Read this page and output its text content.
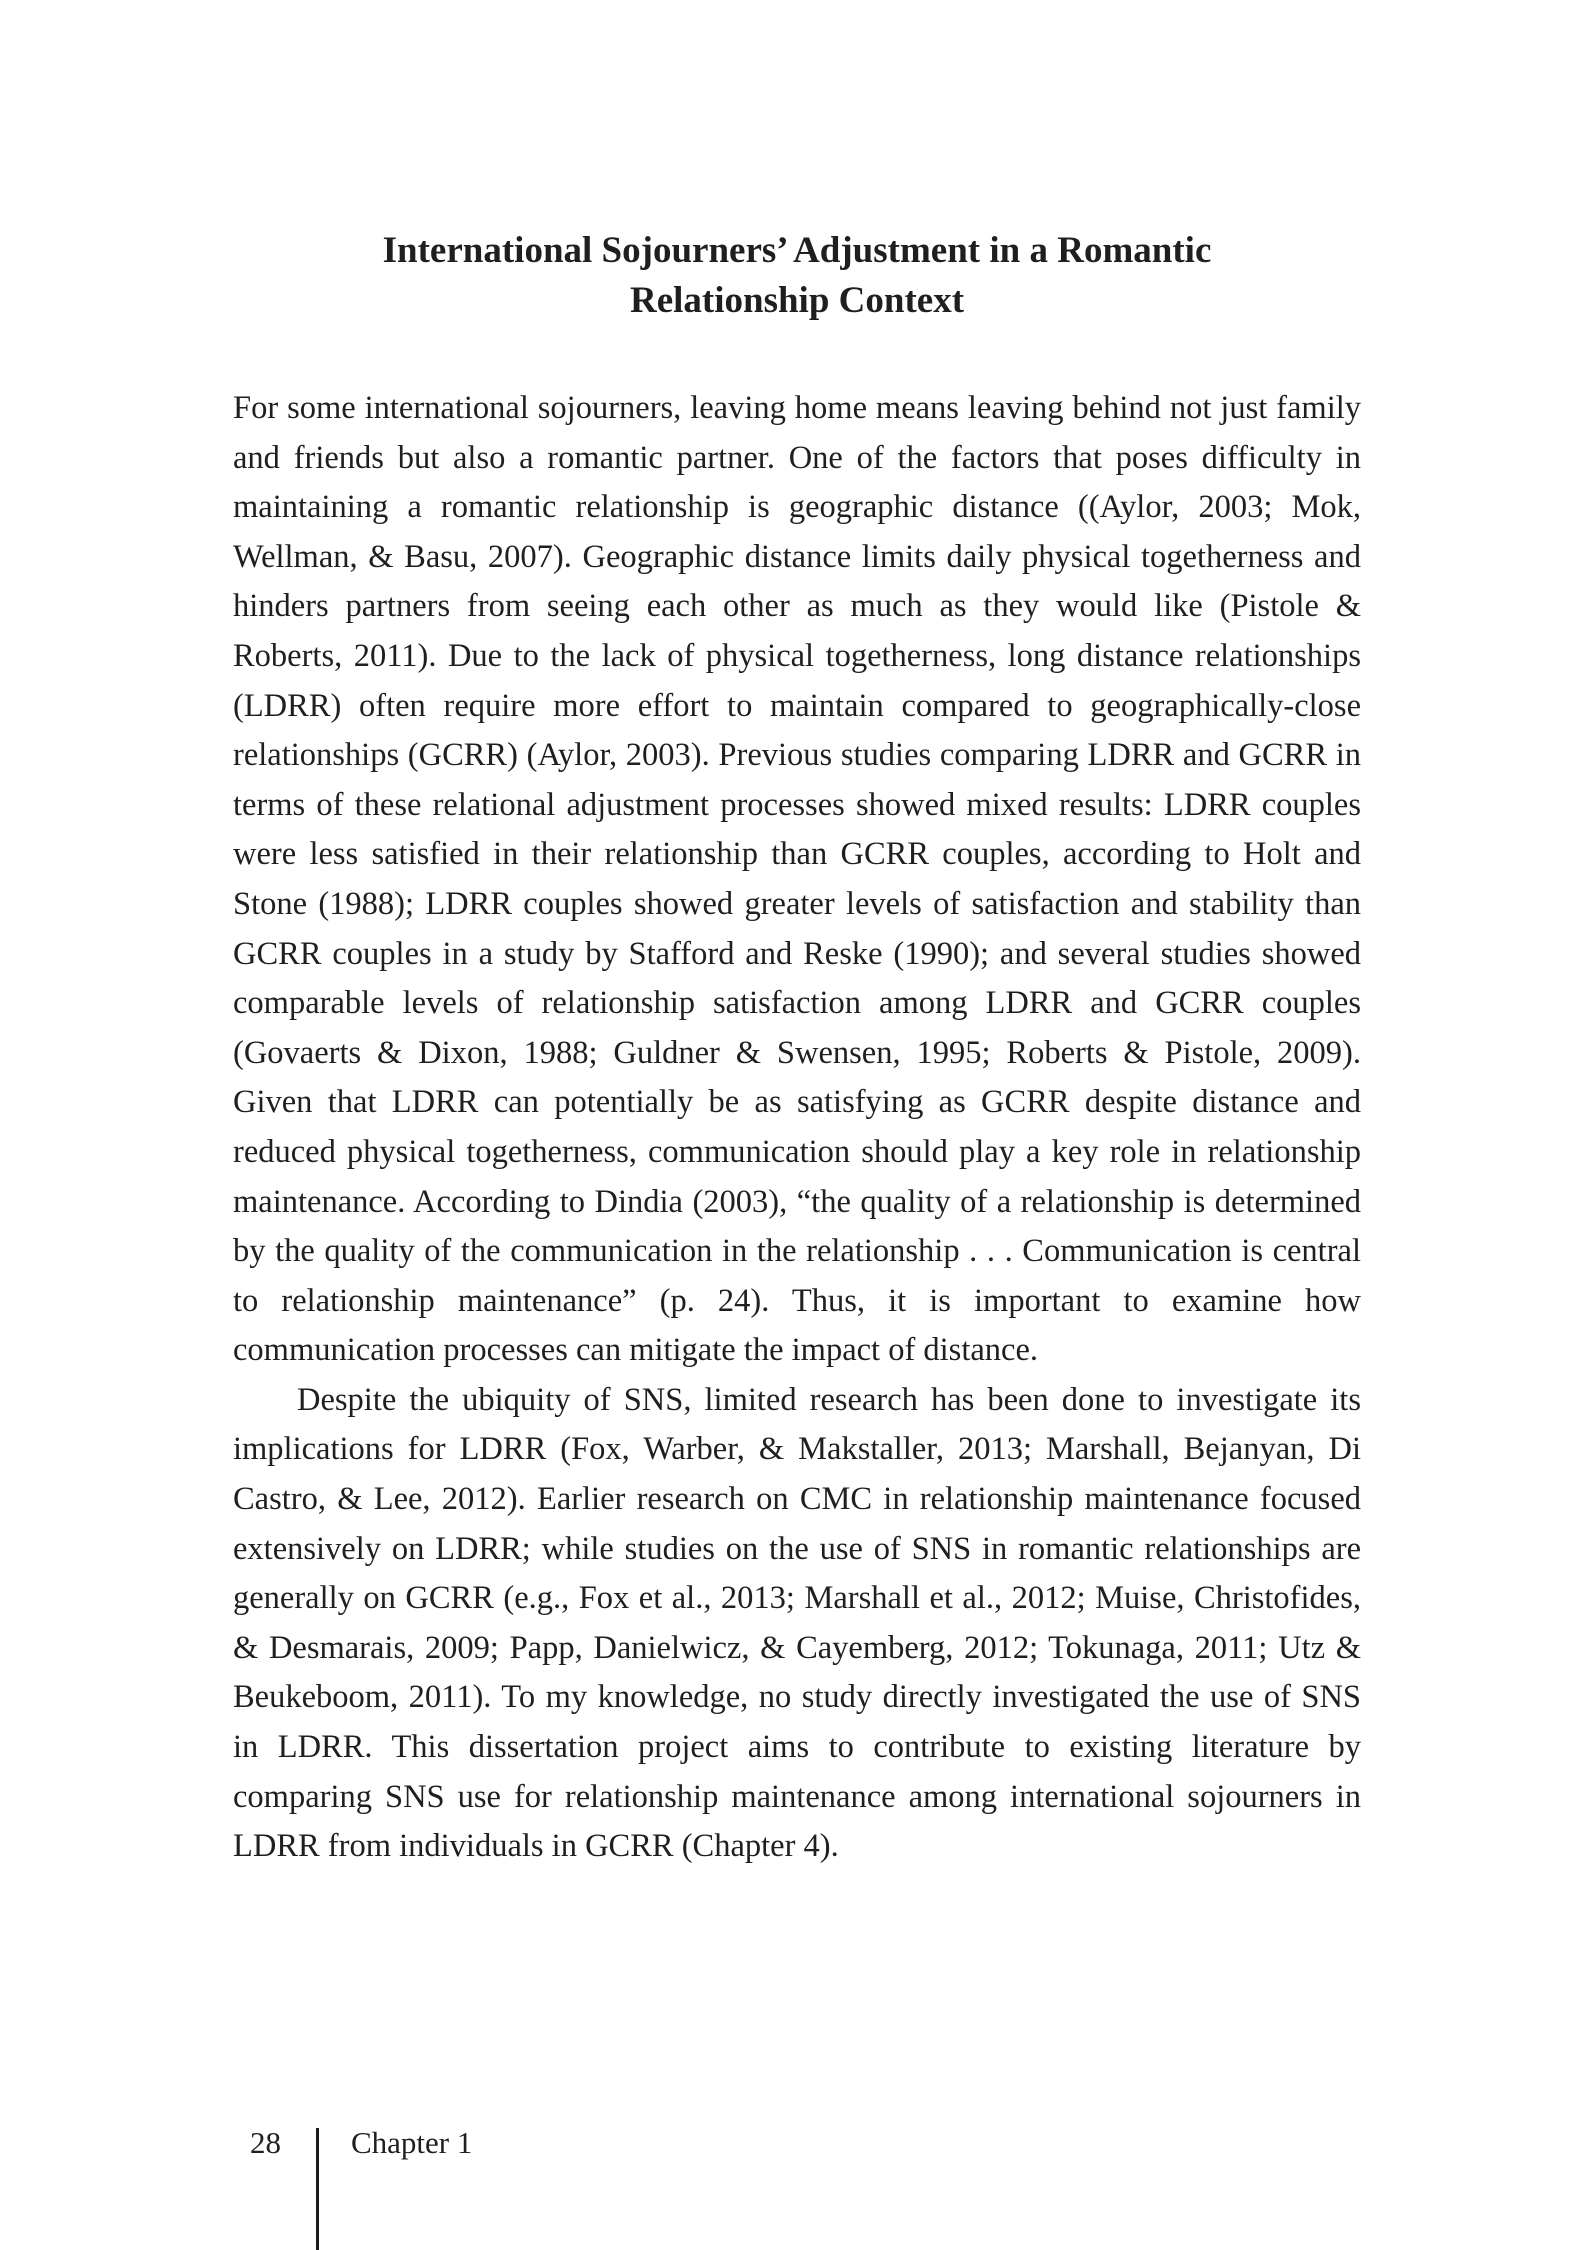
International Sojourners’ Adjustment in a Romantic
Relationship Context

For some international sojourners, leaving home means leaving behind not just family and friends but also a romantic partner. One of the factors that poses difficulty in maintaining a romantic relationship is geographic distance ((Aylor, 2003; Mok, Wellman, & Basu, 2007). Geographic distance limits daily physical togetherness and hinders partners from seeing each other as much as they would like (Pistole & Roberts, 2011). Due to the lack of physical togetherness, long distance relationships (LDRR) often require more effort to maintain compared to geographically-close relationships (GCRR) (Aylor, 2003). Previous studies comparing LDRR and GCRR in terms of these relational adjustment processes showed mixed results: LDRR couples were less satisfied in their relationship than GCRR couples, according to Holt and Stone (1988); LDRR couples showed greater levels of satisfaction and stability than GCRR couples in a study by Stafford and Reske (1990); and several studies showed comparable levels of relationship satisfaction among LDRR and GCRR couples (Govaerts & Dixon, 1988; Guldner & Swensen, 1995; Roberts & Pistole, 2009). Given that LDRR can potentially be as satisfying as GCRR despite distance and reduced physical togetherness, communication should play a key role in relationship maintenance. According to Dindia (2003), “the quality of a relationship is determined by the quality of the communication in the relationship . . . Communication is central to relationship maintenance” (p. 24). Thus, it is important to examine how communication processes can mitigate the impact of distance.

Despite the ubiquity of SNS, limited research has been done to investigate its implications for LDRR (Fox, Warber, & Makstaller, 2013; Marshall, Bejanyan, Di Castro, & Lee, 2012). Earlier research on CMC in relationship maintenance focused extensively on LDRR; while studies on the use of SNS in romantic relationships are generally on GCRR (e.g., Fox et al., 2013; Marshall et al., 2012; Muise, Christofides, & Desmarais, 2009; Papp, Danielwicz, & Cayemberg, 2012; Tokunaga, 2011; Utz & Beukeboom, 2011). To my knowledge, no study directly investigated the use of SNS in LDRR. This dissertation project aims to contribute to existing literature by comparing SNS use for relationship maintenance among international sojourners in LDRR from individuals in GCRR (Chapter 4).

28 Chapter 1
